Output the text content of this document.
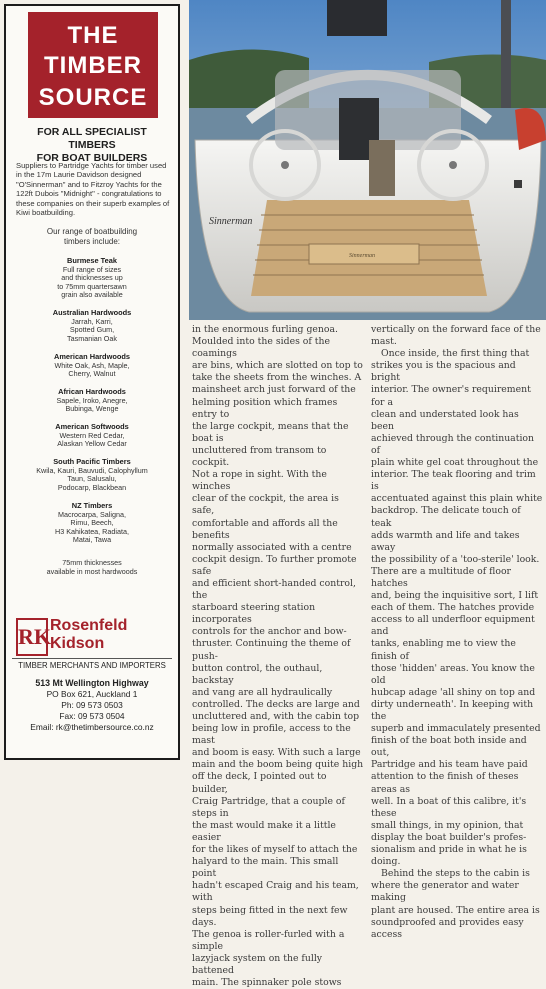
THE
TIMBER
SOURCE
FOR ALL SPECIALIST TIMBERS
FOR BOAT BUILDERS
Suppliers to Partridge Yachts for timber used in the 17m Laurie Davidson designed "O'Sinnerman" and to Fitzroy Yachts for the 122ft Dubois "Midnight" - congratulations to these companies on their superb examples of Kiwi boatbuilding.
Our range of boatbuilding
timbers include:
Burmese Teak
Full range of sizes
and thicknesses up
to 75mm quartersawn
grain also available
Australian Hardwoods
Jarrah, Karri,
Spotted Gum,
Tasmanian Oak
American Hardwoods
White Oak, Ash, Maple,
Cherry, Walnut
African Hardwoods
Sapele, Iroko, Anegre,
Bubinga, Wenge
American Softwoods
Western Red Cedar,
Alaskan Yellow Cedar
South Pacific Timbers
Kwila, Kauri, Bauvudi, Calophyllum
Taun, Salusalu,
Podocarp, Blackbean
NZ Timbers
Macrocarpa, Saligna,
Rimu, Beech,
H3 Kahikatea, Radiata,
Matai, Tawa
75mm thicknesses
available in most hardwoods
RK Rosenfeld
Kidson
TIMBER MERCHANTS AND IMPORTERS
513 Mt Wellington Highway
PO Box 621, Auckland 1
Ph: 09 573 0503
Fax: 09 573 0504
Email: rk@thetimbersource.co.nz
Sinnerman
Sinnerman

in the enormous furling genoa.

Moulded into the sides of the coamings

are bins, which are slotted on top to

take the sheets from the winches. A

mainsheet arch just forward of the

helming position which frames entry to

the large cockpit, means that the boat is

uncluttered from transom to cockpit.

Not a rope in sight. With the winches

clear of the cockpit, the area is safe,

comfortable and affords all the benefits

normally associated with a centre

cockpit design. To further promote safe

and efficient short-handed control, the

starboard steering station incorporates

controls for the anchor and bow-

thruster. Continuing the theme of push-

button control, the outhaul, backstay

and vang are all hydraulically

controlled. The decks are large and

uncluttered and, with the cabin top

being low in profile, access to the mast

and boom is easy. With such a large

main and the boom being quite high

off the deck, I pointed out to builder,

Craig Partridge, that a couple of steps in

the mast would make it a little easier

for the likes of myself to attach the

halyard to the main. This small point

hadn't escaped Craig and his team, with

steps being fitted in the next few days.

The genoa is roller-furled with a simple

lazyjack system on the fully battened

main. The spinnaker pole stows

vertically on the forward face of the

mast.

Once inside, the first thing that

strikes you is the spacious and bright

interior. The owner's requirement for a

clean and understated look has been

achieved through the continuation of

plain white gel coat throughout the

interior. The teak flooring and trim is

accentuated against this plain white

backdrop. The delicate touch of teak

adds warmth and life and takes away

the possibility of a 'too-sterile' look.

There are a multitude of floor hatches

and, being the inquisitive sort, I lift

each of them. The hatches provide

access to all underfloor equipment and

tanks, enabling me to view the finish of

those 'hidden' areas. You know the old

hubcap adage 'all shiny on top and

dirty underneath'. In keeping with the

superb and immaculately presented

finish of the boat both inside and out,

Partridge and his team have paid

attention to the finish of theses areas as

well. In a boat of this calibre, it's these

small things, in my opinion, that

display the boat builder's profes-

sionalism and pride in what he is

doing.

Behind the steps to the cabin is

where the generator and water making

plant are housed. The entire area is

soundproofed and provides easy access
